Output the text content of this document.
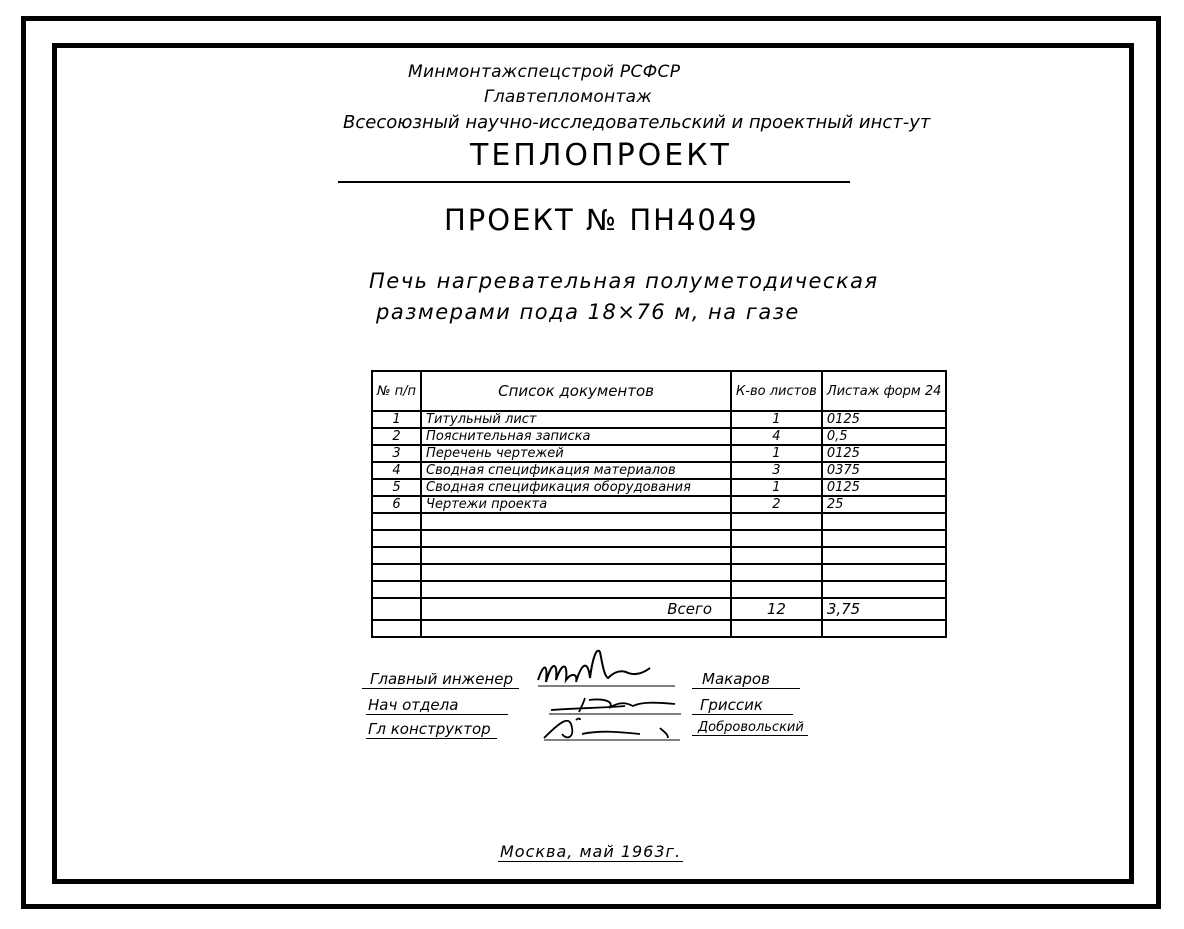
Минмонтажспецстрой РСФСР
Главтепломонтаж
Всесоюзный научно-исследовательский и проектный инст-ут
ТЕПЛОПРОЕКТ
ПРОЕКТ № ПН4049
Печь нагревательная полуметодическая
размерами пода 18×76 м, на газе
№ п/п	Список документов	К-во листов	Листаж форм 24
1	Титульный лист	1	0125
2	Пояснительная записка	4	0,5
3	Перечень чертежей	1	0125
4	Сводная спецификация материалов	3	0375
5	Сводная спецификация оборудования	1	0125
6	Чертежи проекта	2	25

	Всего	12	3,75

Главный инженер	Макаров
Нач отдела	Гриссик
Гл конструктор	Добровольский
Москва, май 1963г.
